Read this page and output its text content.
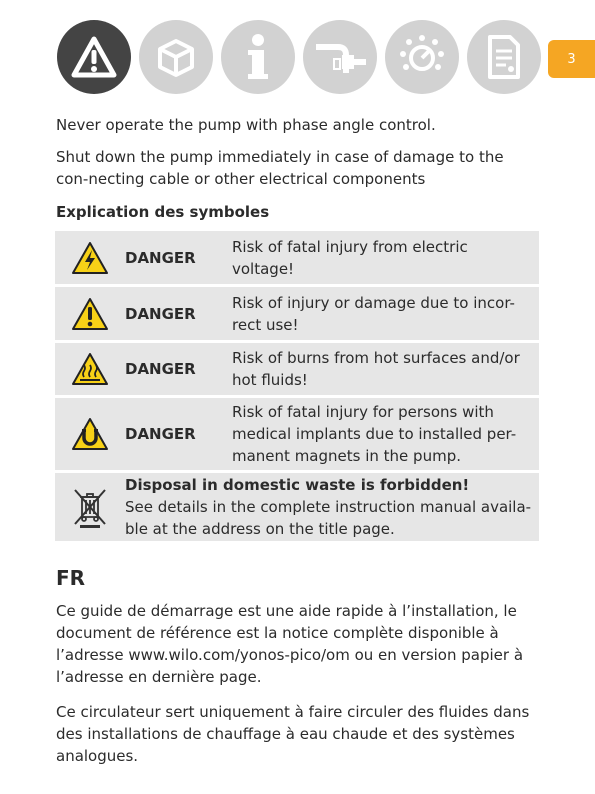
3
Never operate the pump with phase angle control.
Shut down the pump immediately in case of damage to the con-necting cable or other electrical components
Explication des symboles
DANGER
Risk of fatal injury from electric voltage!
DANGER
Risk of injury or damage due to incor-rect use!
DANGER
Risk of burns from hot surfaces and/or hot fluids!
DANGER
Risk of fatal injury for persons with medical implants due to installed per-manent magnets in the pump.
Disposal in domestic waste is forbidden!
See details in the complete instruction manual availa-ble at the address on the title page.
FR
Ce guide de démarrage est une aide rapide à l’installation, le document de référence est la notice complète disponible à l’adresse www.wilo.com/yonos-pico/om ou en version papier à l’adresse en dernière page.
Ce circulateur sert uniquement à faire circuler des fluides dans des installations de chauffage à eau chaude et des systèmes analogues.
